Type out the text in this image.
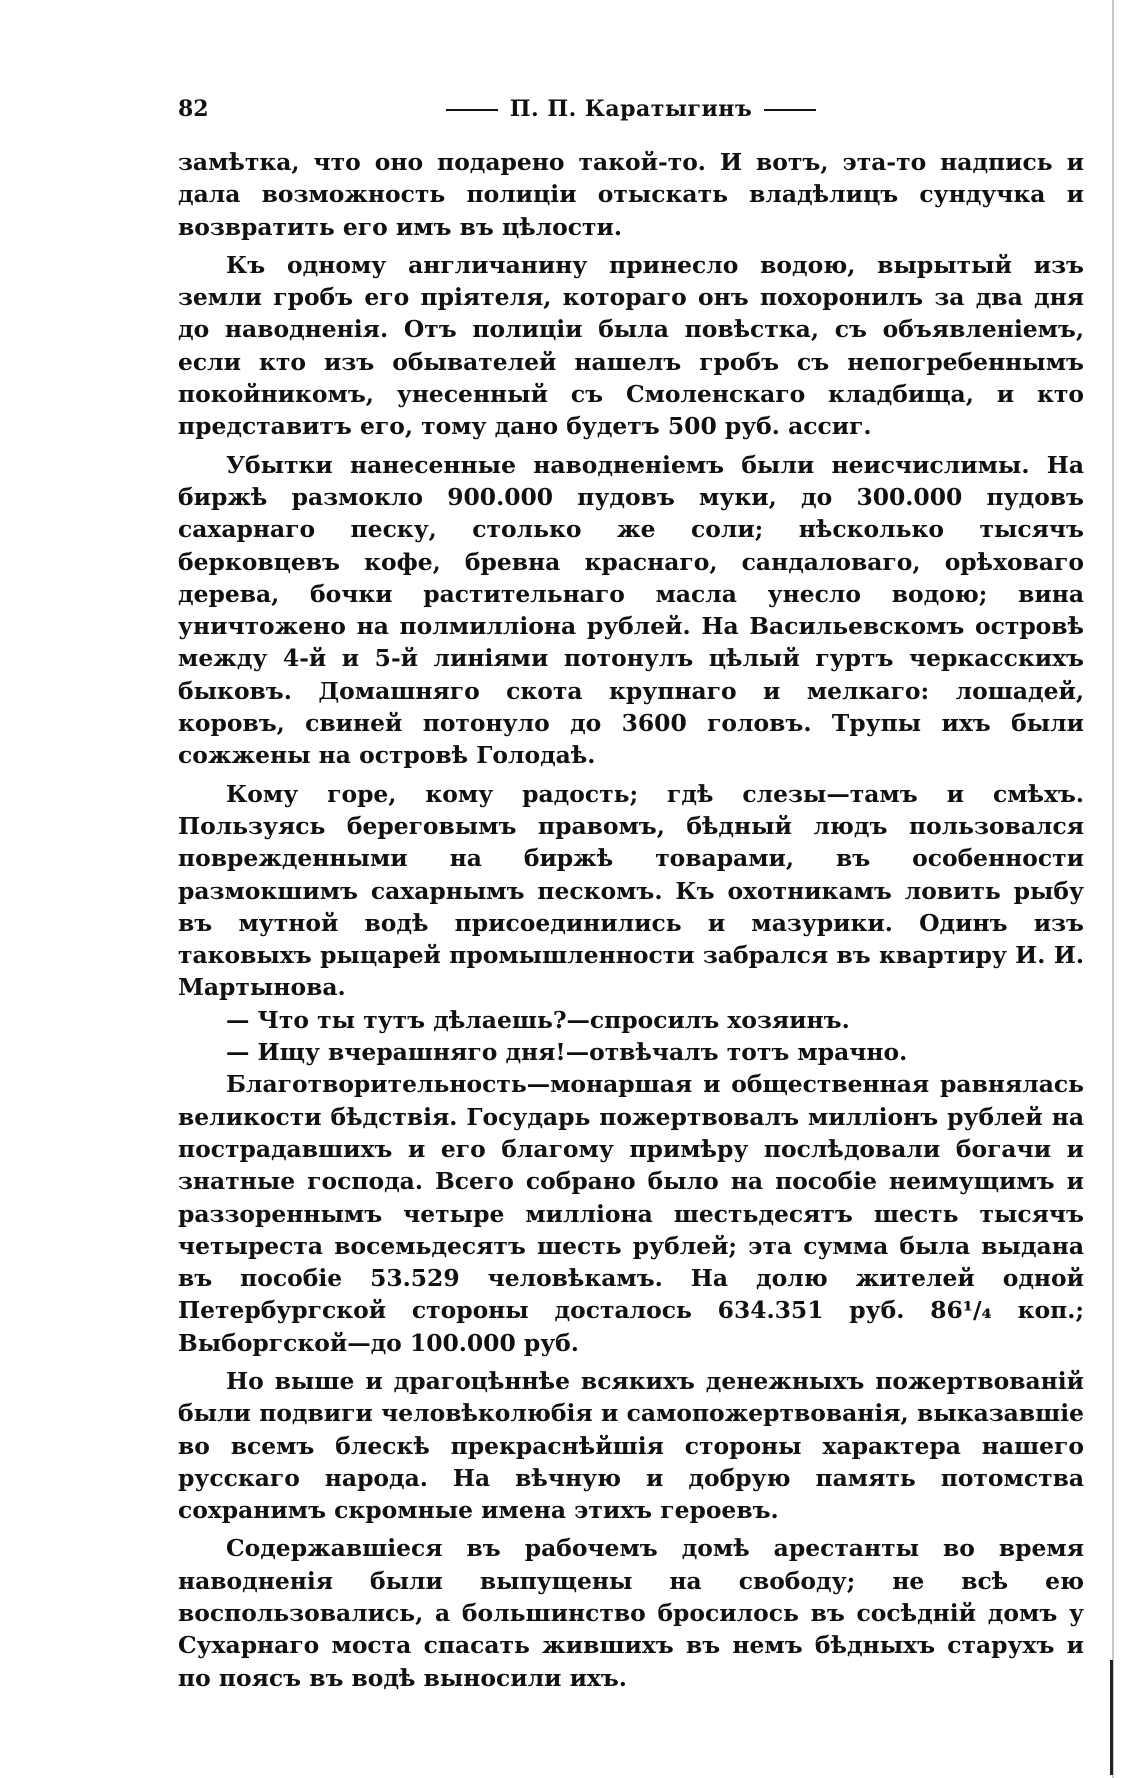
82	П. П. Каратыгинъ

замѣтка, что оно подарено такой-то. И вотъ, эта-то надпись и дала возможность полиціи отыскать владѣлицъ сундучка и возвратить его имъ въ цѣлости.

Къ одному англичанину принесло водою, вырытый изъ земли гробъ его пріятеля, котораго онъ похоронилъ за два дня до наводненія. Отъ полиціи была повѣстка, съ объявленіемъ, если кто изъ обывателей нашелъ гробъ съ непогребеннымъ покойникомъ, унесенный съ Смоленскаго кладбища, и кто представитъ его, тому дано будетъ 500 руб. ассиг.

Убытки нанесенные наводненіемъ были неисчислимы. На биржѣ размокло 900.000 пудовъ муки, до 300.000 пудовъ сахарнаго песку, столько же соли; нѣсколько тысячъ берковцевъ кофе, бревна краснаго, сандаловаго, орѣховаго дерева, бочки растительнаго масла унесло водою; вина уничтожено на полмилліона рублей. На Васильевскомъ островѣ между 4-й и 5-й линіями потонулъ цѣлый гуртъ черкасскихъ быковъ. Домашняго скота крупнаго и мелкаго: лошадей, коровъ, свиней потонуло до 3600 головъ. Трупы ихъ были сожжены на островѣ Голодаѣ.

Кому горе, кому радость; гдѣ слезы—тамъ и смѣхъ. Пользуясь береговымъ правомъ, бѣдный людъ пользовался поврежденными на биржѣ товарами, въ особенности размокшимъ сахарнымъ пескомъ. Къ охотникамъ ловить рыбу въ мутной водѣ присоединились и мазурики. Одинъ изъ таковыхъ рыцарей промышленности забрался въ квартиру И. И. Мартынова.

— Что ты тутъ дѣлаешь?—спросилъ хозяинъ.

— Ищу вчерашняго дня!—отвѣчалъ тотъ мрачно.

Благотворительность—монаршая и общественная равнялась великости бѣдствія. Государь пожертвовалъ милліонъ рублей на пострадавшихъ и его благому примѣру послѣдовали богачи и знатные господа. Всего собрано было на пособіе неимущимъ и раззореннымъ четыре милліона шестьдесятъ шесть тысячъ четыреста восемьдесятъ шесть рублей; эта сумма была выдана въ пособіе 53.529 человѣкамъ. На долю жителей одной Петербургской стороны досталось 634.351 руб. 86¹/₄ коп.; Выборгской—до 100.000 руб.

Но выше и драгоцѣннѣе всякихъ денежныхъ пожертвованій были подвиги человѣколюбія и самопожертвованія, выказавшіе во всемъ блескѣ прекраснѣйшія стороны характера нашего русскаго народа. На вѣчную и добрую память потомства сохранимъ скромные имена этихъ героевъ.

Содержавшіеся въ рабочемъ домѣ арестанты во время наводненія были выпущены на свободу; не всѣ ею воспользовались, а большинство бросилось въ сосѣдній домъ у Сухарнаго моста спасать жившихъ въ немъ бѣдныхъ старухъ и по поясъ въ водѣ выносили ихъ.
